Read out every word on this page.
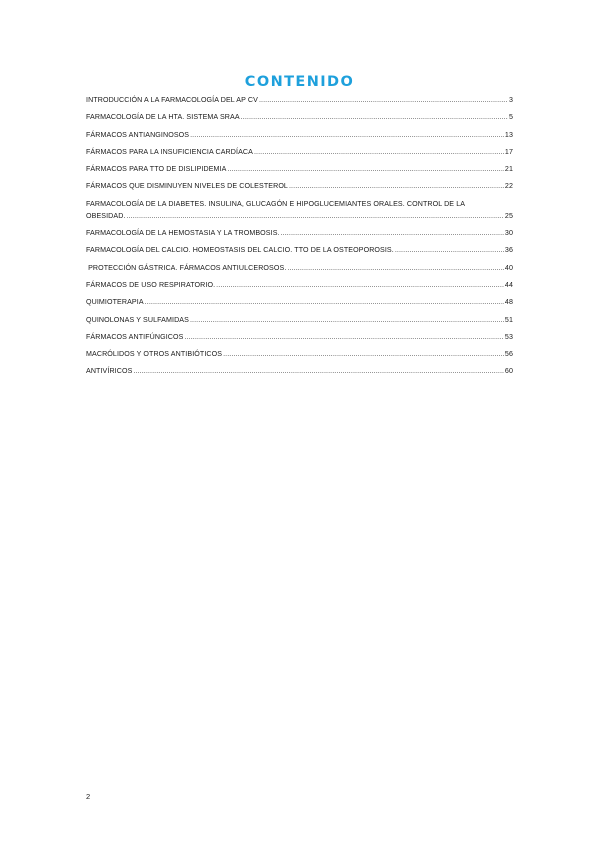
CONTENIDO
INTRODUCCIÓN A LA FARMACOLOGÍA DEL AP CV .....	3
FARMACOLOGÍA DE LA HTA. SISTEMA SRAA .....	5
FÁRMACOS ANTIANGINOSOS .....	13
FÁRMACOS PARA LA INSUFICIENCIA CARDÍACA .....	17
FÁRMACOS PARA TTO DE DISLIPIDEMIA .....	21
FÁRMACOS QUE DISMINUYEN NIVELES DE COLESTEROL .....	22
FARMACOLOGÍA DE LA DIABETES. INSULINA, GLUCAGÓN E HIPOGLUCEMIANTES ORALES. CONTROL DE LA
OBESIDAD. .....	25
FARMACOLOGÍA DE LA HEMOSTASIA Y LA TROMBOSIS. .....	30
FARMACOLOGÍA DEL CALCIO. HOMEOSTASIS DEL CALCIO. TTO DE LA OSTEOPOROSIS. .....	36
PROTECCIÓN GÁSTRICA. FÁRMACOS ANTIULCEROSOS. .....	40
FÁRMACOS DE USO RESPIRATORIO. .....	44
QUIMIOTERAPIA .....	48
QUINOLONAS Y SULFAMIDAS .....	51
FÁRMACOS ANTIFÚNGICOS .....	53
MACRÓLIDOS Y OTROS ANTIBIÓTICOS .....	56
ANTIVÍRICOS .....	60

2
